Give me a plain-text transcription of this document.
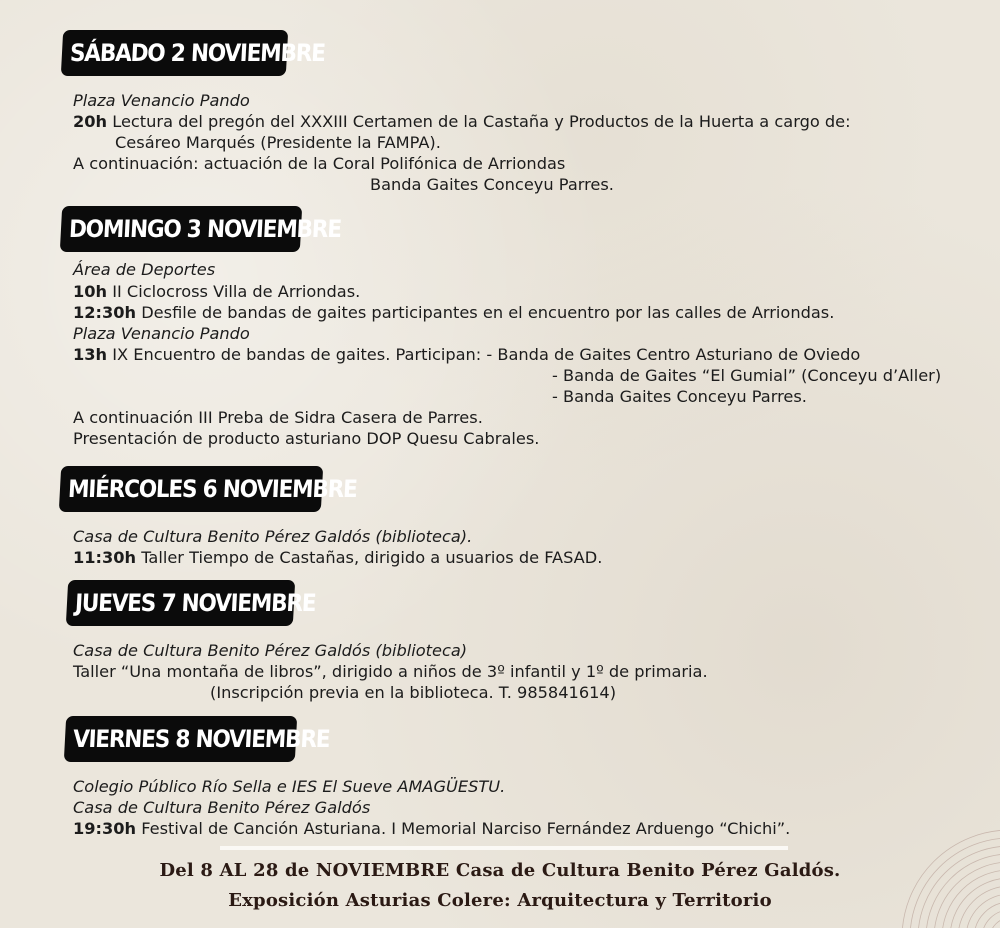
SÁBADO 2 NOVIEMBRE
Plaza Venancio Pando
20h Lectura del pregón del XXXIII Certamen de la Castaña y Productos de la Huerta a cargo de:
Cesáreo Marqués (Presidente la FAMPA).
A continuación: actuación de la Coral Polifónica de Arriondas
Banda Gaites Conceyu Parres.
DOMINGO 3 NOVIEMBRE
Área de Deportes
10h II Ciclocross Villa de Arriondas.
12:30h Desfile de bandas de gaites participantes en el encuentro por las calles de Arriondas.
Plaza Venancio Pando
13h IX Encuentro de bandas de gaites. Participan: - Banda de Gaites Centro Asturiano de Oviedo
- Banda de Gaites “El Gumial” (Conceyu d’Aller)
- Banda Gaites Conceyu Parres.
A continuación III Preba de Sidra Casera de Parres.
Presentación de producto asturiano DOP Quesu Cabrales.
MIÉRCOLES 6 NOVIEMBRE
Casa de Cultura Benito Pérez Galdós (biblioteca).
11:30h Taller Tiempo de Castañas, dirigido a usuarios de FASAD.
JUEVES 7 NOVIEMBRE
Casa de Cultura Benito Pérez Galdós (biblioteca)
Taller “Una montaña de libros”, dirigido a niños de 3º infantil y 1º de primaria.
(Inscripción previa en la biblioteca. T. 985841614)
VIERNES 8 NOVIEMBRE
Colegio Público Río Sella e IES El Sueve AMAGÜESTU.
Casa de Cultura Benito Pérez Galdós
19:30h Festival de Canción Asturiana. I Memorial Narciso Fernández Arduengo “Chichi”.
Del 8 AL 28 de NOVIEMBRE Casa de Cultura Benito Pérez Galdós.
Exposición Asturias Colere: Arquitectura y Territorio
